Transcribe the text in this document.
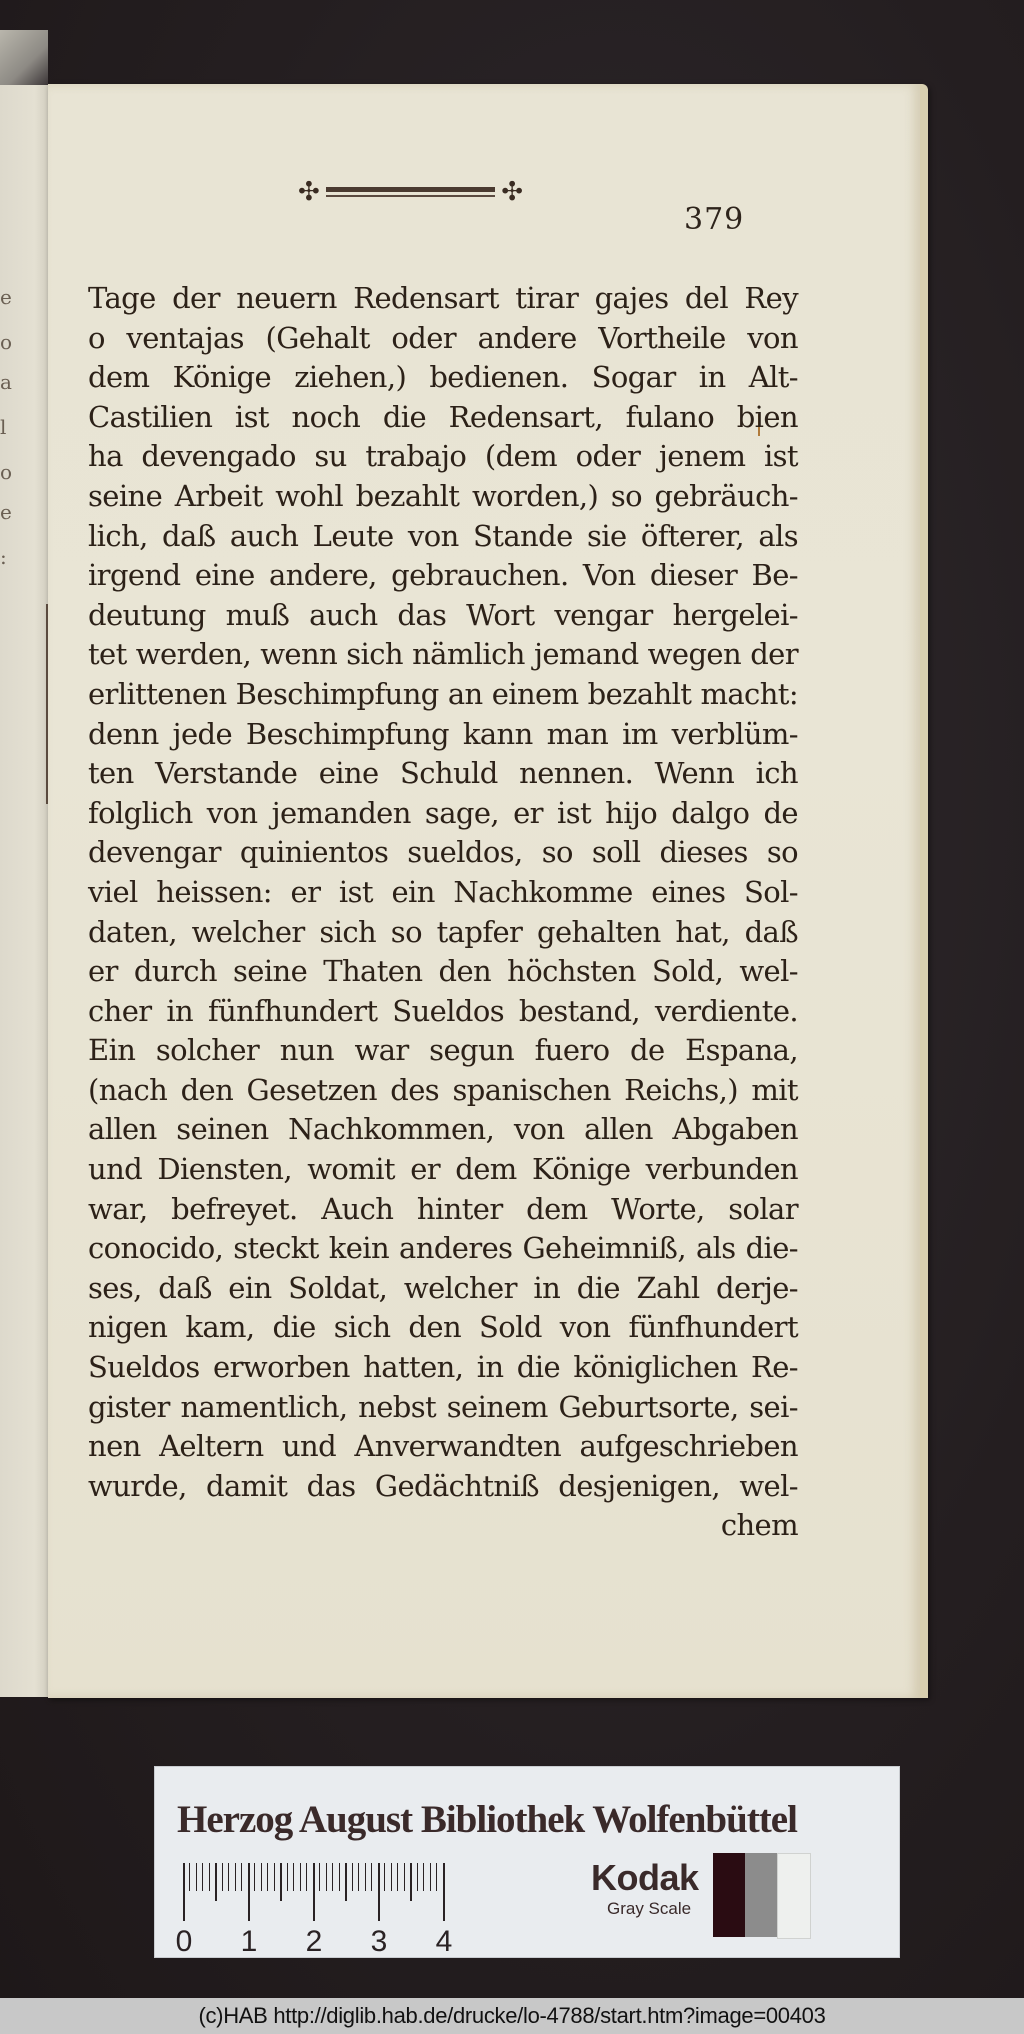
e
o
a
l
o
e
:
✣	✣
379
Tage der neuern Redensart tirar gajes del Rey
o ventajas (Gehalt oder andere Vortheile von
dem Könige ziehen,) bedienen. Sogar in Alt-
Castilien ist noch die Redensart, fulano bien
ha devengado su trabajo (dem oder jenem ist
seine Arbeit wohl bezahlt worden,) so gebräuch-
lich, daß auch Leute von Stande sie öfterer, als
irgend eine andere, gebrauchen. Von dieser Be-
deutung muß auch das Wort vengar hergelei-
tet werden, wenn sich nämlich jemand wegen der
erlittenen Beschimpfung an einem bezahlt macht:
denn jede Beschimpfung kann man im verblüm-
ten Verstande eine Schuld nennen. Wenn ich
folglich von jemanden sage, er ist hijo dalgo de
devengar quinientos sueldos, so soll dieses so
viel heissen: er ist ein Nachkomme eines Sol-
daten, welcher sich so tapfer gehalten hat, daß
er durch seine Thaten den höchsten Sold, wel-
cher in fünfhundert Sueldos bestand, verdiente.
Ein solcher nun war segun fuero de Espana,
(nach den Gesetzen des spanischen Reichs,) mit
allen seinen Nachkommen, von allen Abgaben
und Diensten, womit er dem Könige verbunden
war, befreyet. Auch hinter dem Worte, solar
conocido, steckt kein anderes Geheimniß, als die-
ses, daß ein Soldat, welcher in die Zahl derje-
nigen kam, die sich den Sold von fünfhundert
Sueldos erworben hatten, in die königlichen Re-
gister namentlich, nebst seinem Geburtsorte, sei-
nen Aeltern und Anverwandten aufgeschrieben
wurde, damit das Gedächtniß desjenigen, wel-
chem
Herzog August Bibliothek Wolfenbüttel
0 1 2 3 4
Kodak
Gray Scale
(c)HAB http://diglib.hab.de/drucke/lo-4788/start.htm?image=00403
